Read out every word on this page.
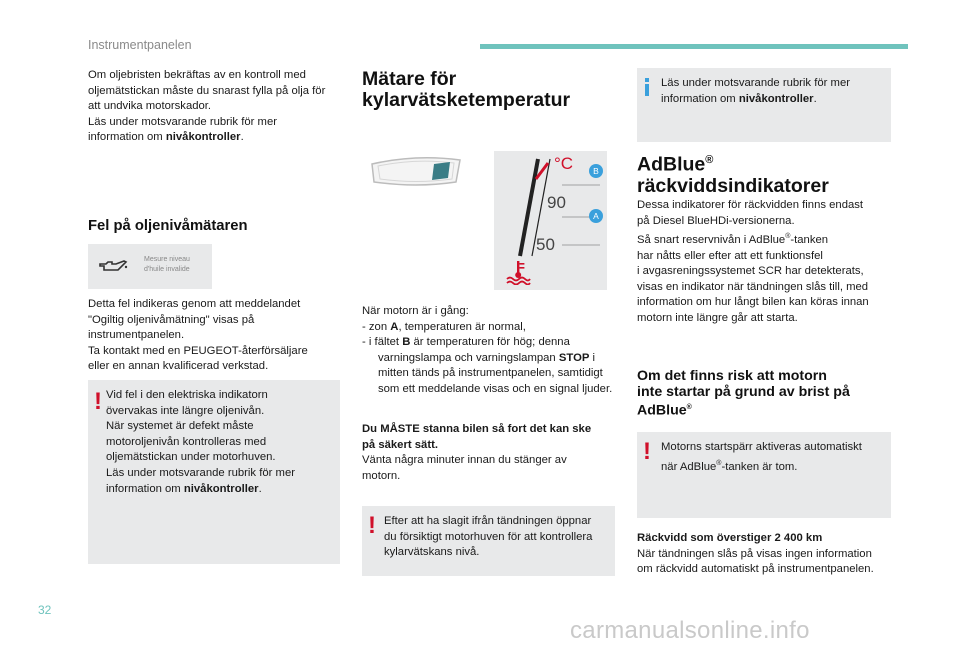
Instrumentpanelen

Om oljebristen bekräftas av en kontroll med

oljemätstickan måste du snarast fylla på olja för

att undvika motorskador.

Läs under motsvarande rubrik för mer

information om nivåkontroller.

Fel på oljenivåmätaren
Mesure niveau
d'huile invalide

Detta fel indikeras genom att meddelandet

"Ogiltig oljenivåmätning" visas på

instrumentpanelen.

Ta kontakt med en PEUGEOT-återförsäljare

eller en annan kvalificerad verkstad.

! Vid fel i den elektriska indikatorn

övervakas inte längre oljenivån.

När systemet är defekt måste

motoroljenivån kontrolleras med

oljemätstickan under motorhuven.

Läs under motsvarande rubrik för mer

information om nivåkontroller.

Mätare för
kylarvätsketemperatur
°C	B
A
90
50

När motorn är i gång:

- zon A, temperaturen är normal,

- i fältet B är temperaturen för hög; denna varningslampa och varningslampan STOP i mitten tänds på instrumentpanelen, samtidigt som ett meddelande visas och en signal ljuder.

Du MÅSTE stanna bilen så fort det kan ske

på säkert sätt.

Vänta några minuter innan du stänger av

motorn.

! Efter att ha slagit ifrån tändningen öppnar

du försiktigt motorhuven för att kontrollera

kylarvätskans nivå.

Läs under motsvarande rubrik för mer

information om nivåkontroller.

AdBlue®
räckviddsindikatorer

Dessa indikatorer för räckvidden finns endast

på Diesel BlueHDi-versionerna.

Så snart reservnivån i AdBlue®-tanken

har nåtts eller efter att ett funktionsfel

i avgasreningssystemet SCR har detekterats,

visas en indikator när tändningen slås till, med

information om hur långt bilen kan köras innan

motorn inte längre går att starta.

Om det finns risk att motorn
inte startar på grund av brist på
AdBlue®
! Motorns startspärr aktiveras automatiskt

när AdBlue®-tanken är tom.

Räckvidd som överstiger 2 400 km

När tändningen slås på visas ingen information

om räckvidd automatiskt på instrumentpanelen.

32
carmanualsonline.info
